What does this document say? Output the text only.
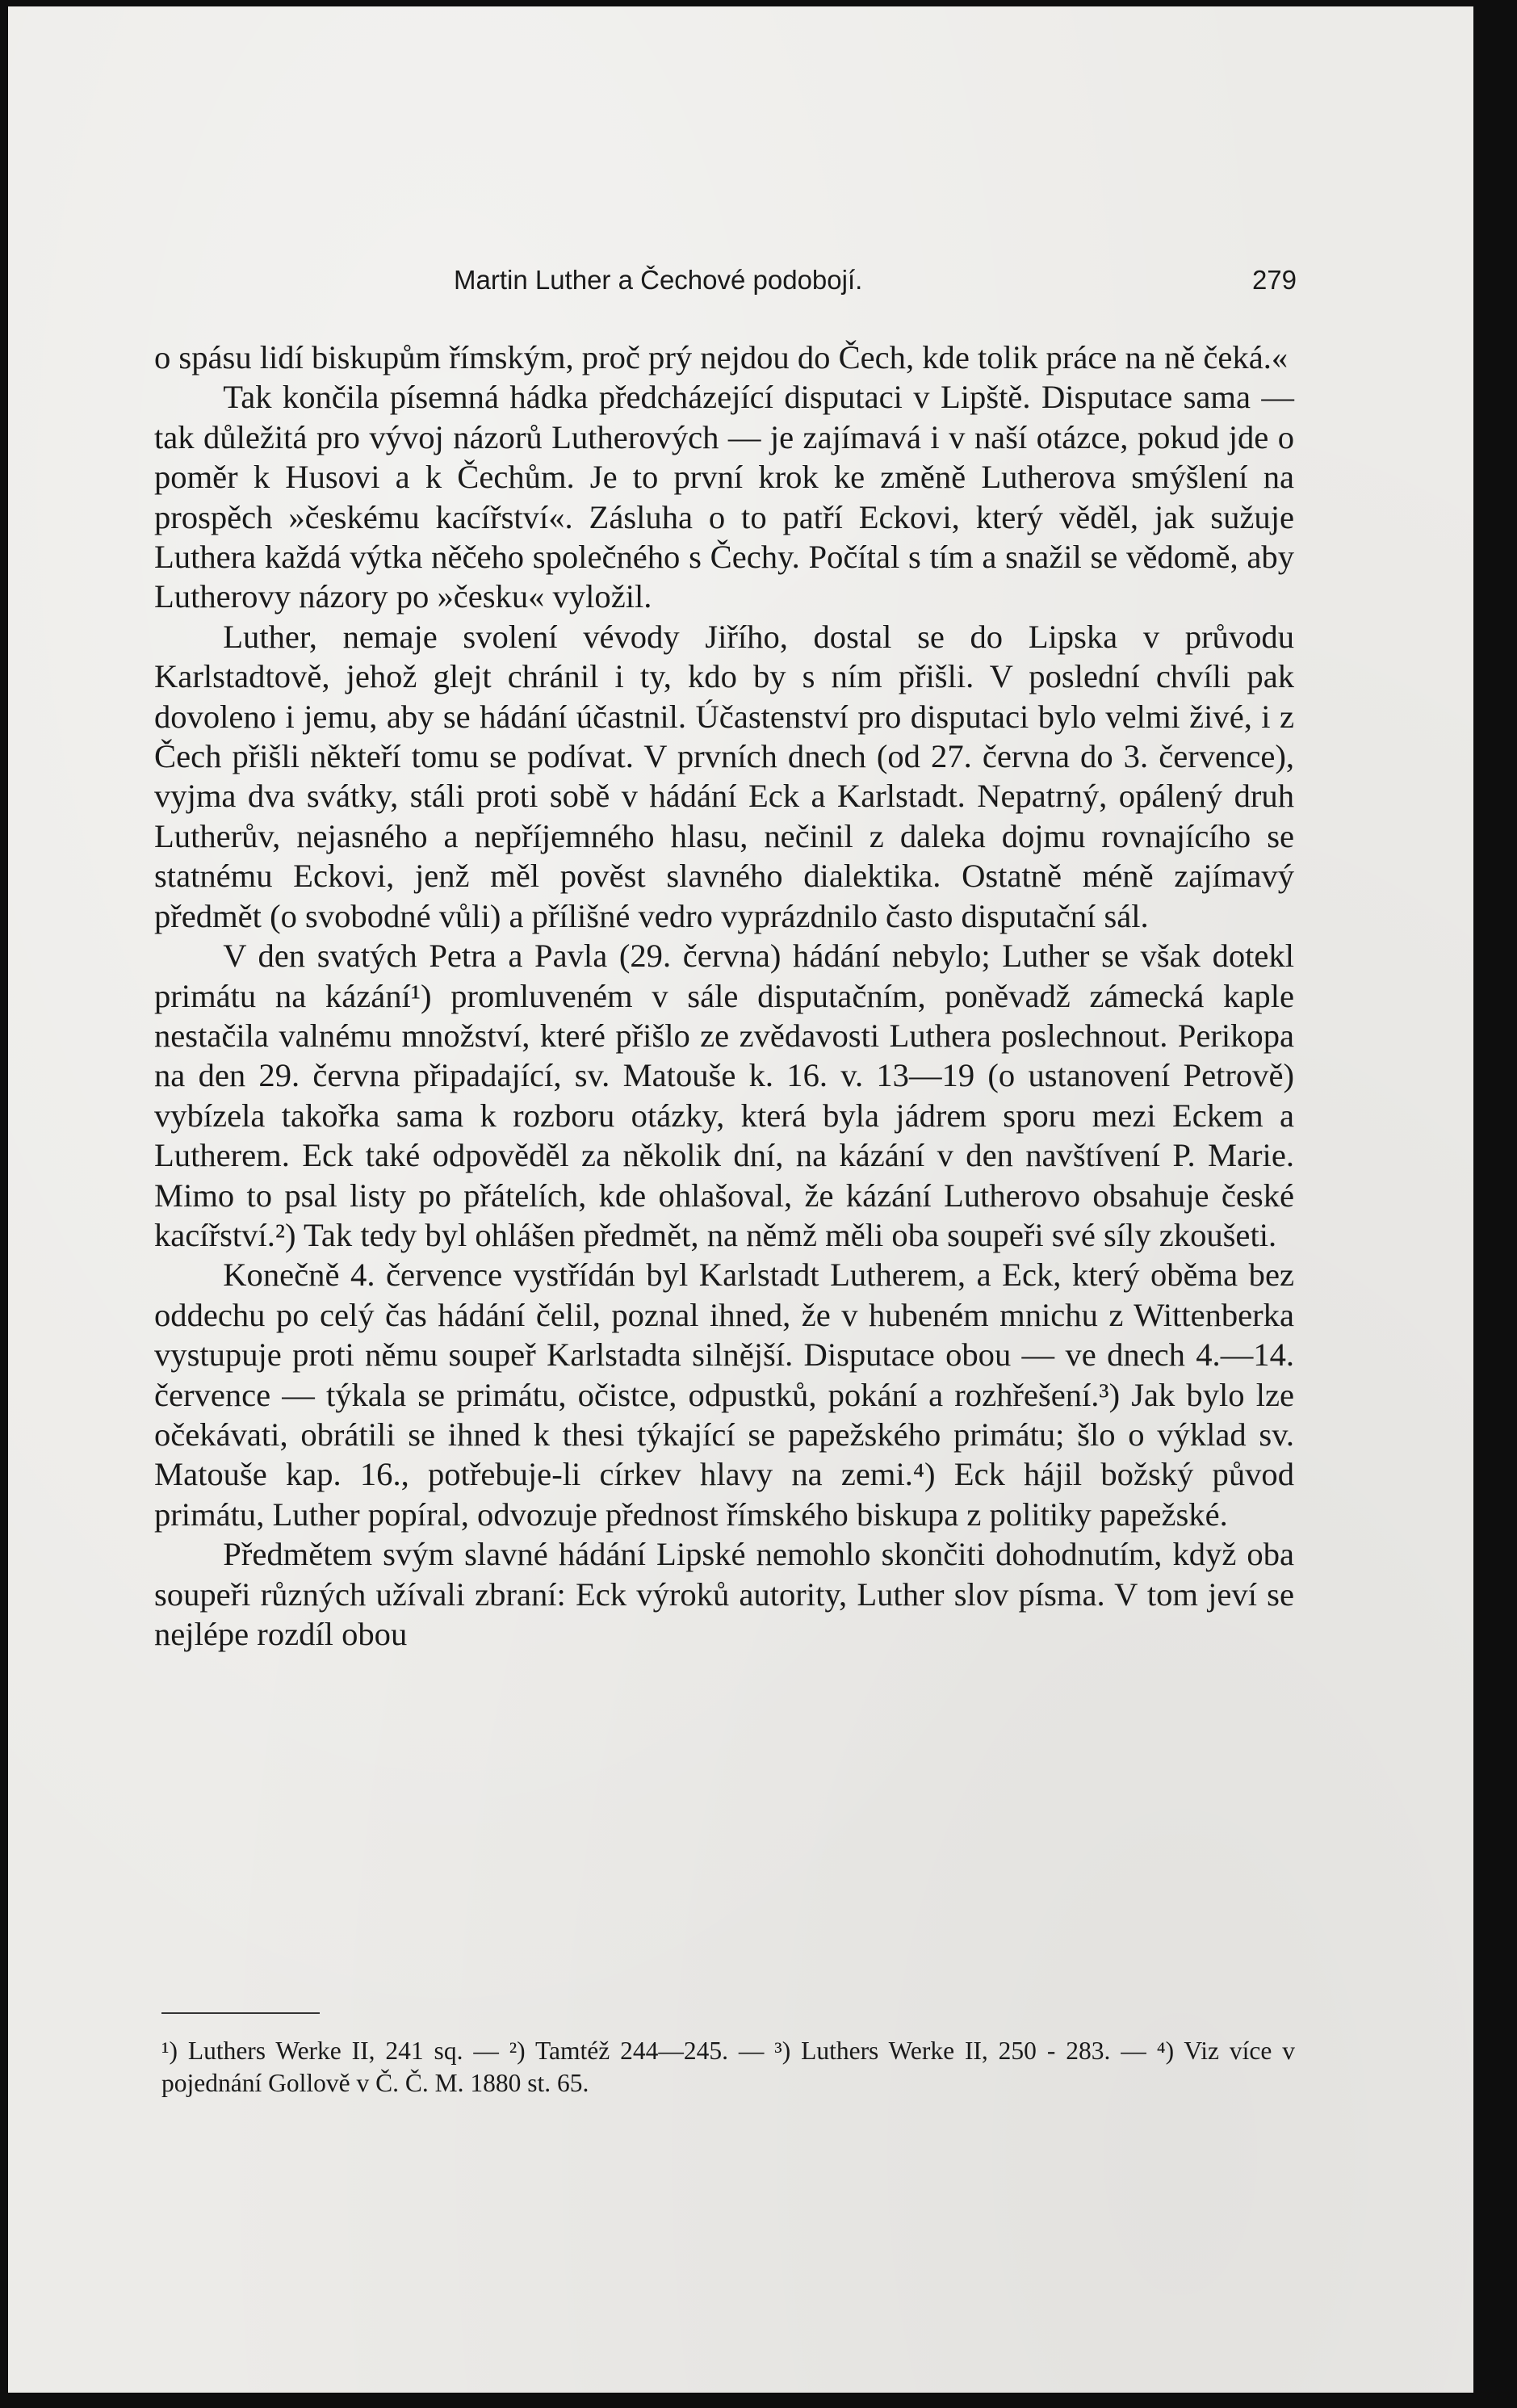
Martin Luther a Čechové podobojí.	279

o spásu lidí biskupům římským, proč prý nejdou do Čech, kde tolik práce na ně čeká.«

Tak končila písemná hádka předcházející disputaci v Lipště. Disputace sama — tak důležitá pro vývoj názorů Lutherových — je zajímavá i v naší otázce, pokud jde o poměr k Husovi a k Čechům. Je to první krok ke změně Lutherova smýšlení na prospěch »českému kacířství«. Zásluha o to patří Eckovi, který věděl, jak sužuje Luthera každá výtka něčeho společného s Čechy. Počítal s tím a snažil se vědomě, aby Lutherovy názory po »česku« vyložil.

Luther, nemaje svolení vévody Jiřího, dostal se do Lipska v průvodu Karlstadtově, jehož glejt chránil i ty, kdo by s ním přišli. V poslední chvíli pak dovoleno i jemu, aby se hádání účastnil. Účastenství pro disputaci bylo velmi živé, i z Čech přišli někteří tomu se podívat. V prvních dnech (od 27. června do 3. července), vyjma dva svátky, stáli proti sobě v hádání Eck a Karlstadt. Nepatrný, opálený druh Lutherův, nejasného a nepříjemného hlasu, nečinil z daleka dojmu rovnajícího se statnému Eckovi, jenž měl pověst slavného dialektika. Ostatně méně zajímavý předmět (o svobodné vůli) a přílišné vedro vyprázdnilo často disputační sál.

V den svatých Petra a Pavla (29. června) hádání nebylo; Luther se však dotekl primátu na kázání¹) promluveném v sále disputačním, poněvadž zámecká kaple nestačila valnému množství, které přišlo ze zvědavosti Luthera poslechnout. Perikopa na den 29. června připadající, sv. Matouše k. 16. v. 13—19 (o ustanovení Petrově) vybízela takořka sama k rozboru otázky, která byla jádrem sporu mezi Eckem a Lutherem. Eck také odpověděl za několik dní, na kázání v den navštívení P. Marie. Mimo to psal listy po přátelích, kde ohlašoval, že kázání Lutherovo obsahuje české kacířství.²) Tak tedy byl ohlášen předmět, na němž měli oba soupeři své síly zkoušeti.

Konečně 4. července vystřídán byl Karlstadt Lutherem, a Eck, který oběma bez oddechu po celý čas hádání čelil, poznal ihned, že v hubeném mnichu z Wittenberka vystupuje proti němu soupeř Karlstadta silnější. Disputace obou — ve dnech 4.—14. července — týkala se primátu, očistce, odpustků, pokání a rozhřešení.³) Jak bylo lze očekávati, obrátili se ihned k thesi týkající se papežského primátu; šlo o výklad sv. Matouše kap. 16., potřebuje-li církev hlavy na zemi.⁴) Eck hájil božský původ primátu, Luther popíral, odvozuje přednost římského biskupa z politiky papežské.

Předmětem svým slavné hádání Lipské nemohlo skončiti dohodnutím, když oba soupeři různých užívali zbraní: Eck výroků autority, Luther slov písma. V tom jeví se nejlépe rozdíl obou

¹) Luthers Werke II, 241 sq. — ²) Tamtéž 244—245. — ³) Luthers Werke II, 250 - 283. — ⁴) Viz více v pojednání Gollově v Č. Č. M. 1880 st. 65.
